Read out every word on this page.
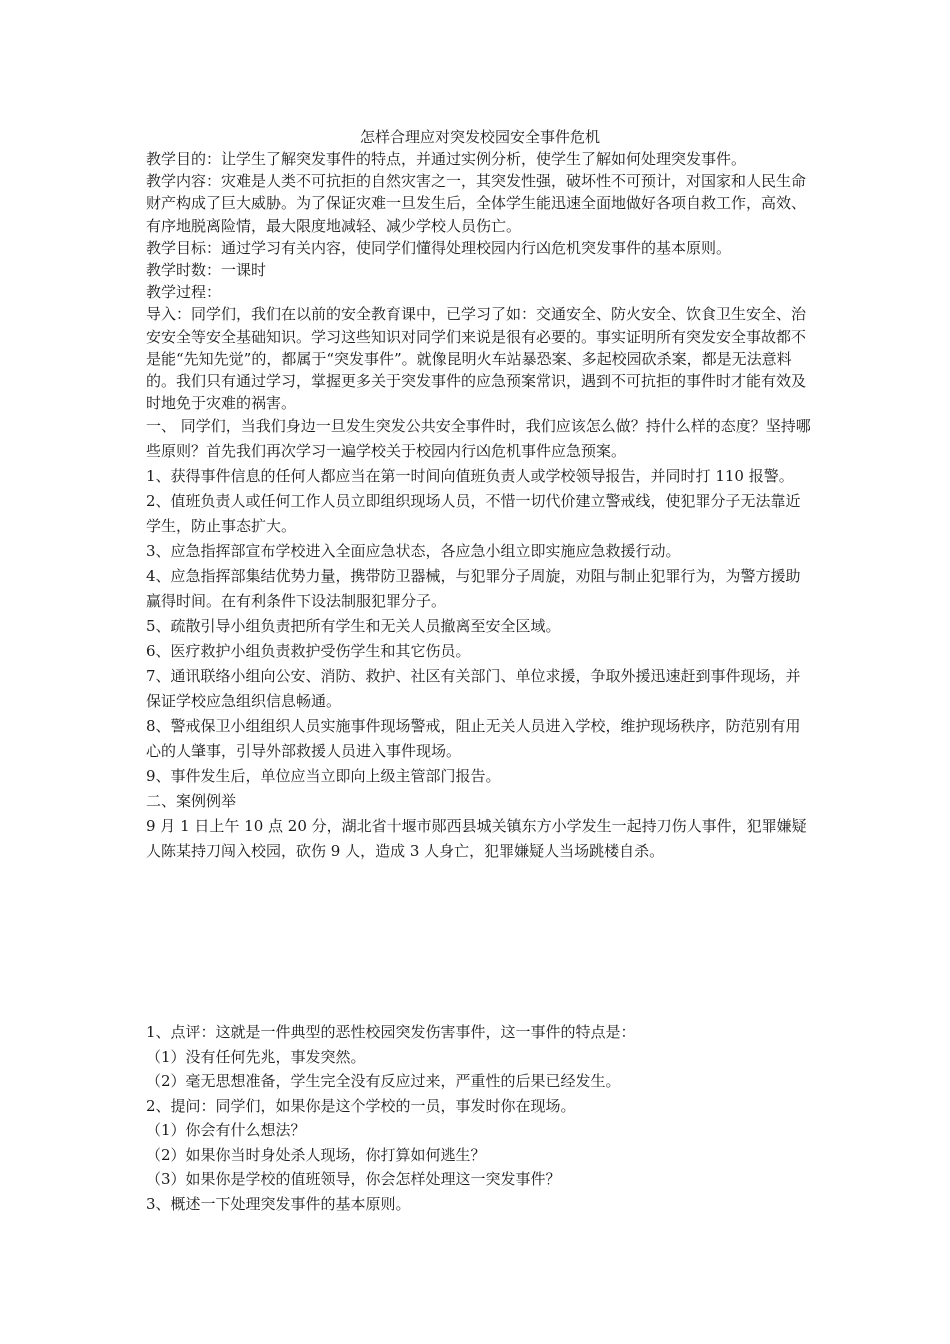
怎样合理应对突发校园安全事件危机

教学目的：让学生了解突发事件的特点，并通过实例分析，使学生了解如何处理突发事件。

教学内容：灾难是人类不可抗拒的自然灾害之一，其突发性强，破坏性不可预计，对国家和人民生命财产构成了巨大威胁。为了保证灾难一旦发生后，全体学生能迅速全面地做好各项自救工作，高效、有序地脱离险情，最大限度地减轻、减少学校人员伤亡。

教学目标：通过学习有关内容，使同学们懂得处理校园内行凶危机突发事件的基本原则。

教学时数：一课时

教学过程：

导入：同学们，我们在以前的安全教育课中，已学习了如：交通安全、防火安全、饮食卫生安全、治安安全等安全基础知识。学习这些知识对同学们来说是很有必要的。事实证明所有突发安全事故都不是能“先知先觉”的，都属于“突发事件”。就像昆明火车站暴恐案、多起校园砍杀案，都是无法意料的。我们只有通过学习，掌握更多关于突发事件的应急预案常识，遇到不可抗拒的事件时才能有效及时地免于灾难的祸害。

一、 同学们，当我们身边一旦发生突发公共安全事件时，我们应该怎么做？持什么样的态度？坚持哪些原则？首先我们再次学习一遍学校关于校园内行凶危机事件应急预案。

1、获得事件信息的任何人都应当在第一时间向值班负责人或学校领导报告，并同时打 110 报警。

2、值班负责人或任何工作人员立即组织现场人员，不惜一切代价建立警戒线，使犯罪分子无法靠近学生，防止事态扩大。

3、应急指挥部宣布学校进入全面应急状态，各应急小组立即实施应急救援行动。

4、应急指挥部集结优势力量，携带防卫器械，与犯罪分子周旋，劝阻与制止犯罪行为，为警方援助赢得时间。在有利条件下设法制服犯罪分子。

5、疏散引导小组负责把所有学生和无关人员撤离至安全区域。

6、医疗救护小组负责救护受伤学生和其它伤员。

7、通讯联络小组向公安、消防、救护、社区有关部门、单位求援，争取外援迅速赶到事件现场，并保证学校应急组织信息畅通。

8、警戒保卫小组组织人员实施事件现场警戒，阻止无关人员进入学校，维护现场秩序，防范别有用心的人肇事，引导外部救援人员进入事件现场。

9、事件发生后，单位应当立即向上级主管部门报告。

二、案例例举

9 月 1 日上午 10 点 20 分，湖北省十堰市郧西县城关镇东方小学发生一起持刀伤人事件，犯罪嫌疑人陈某持刀闯入校园，砍伤 9 人，造成 3 人身亡，犯罪嫌疑人当场跳楼自杀。

1、点评：这就是一件典型的恶性校园突发伤害事件，这一事件的特点是：

（1）没有任何先兆，事发突然。

（2）毫无思想准备，学生完全没有反应过来，严重性的后果已经发生。

2、提问：同学们，如果你是这个学校的一员，事发时你在现场。

（1）你会有什么想法？

（2）如果你当时身处杀人现场，你打算如何逃生？

（3）如果你是学校的值班领导，你会怎样处理这一突发事件？

3、概述一下处理突发事件的基本原则。
